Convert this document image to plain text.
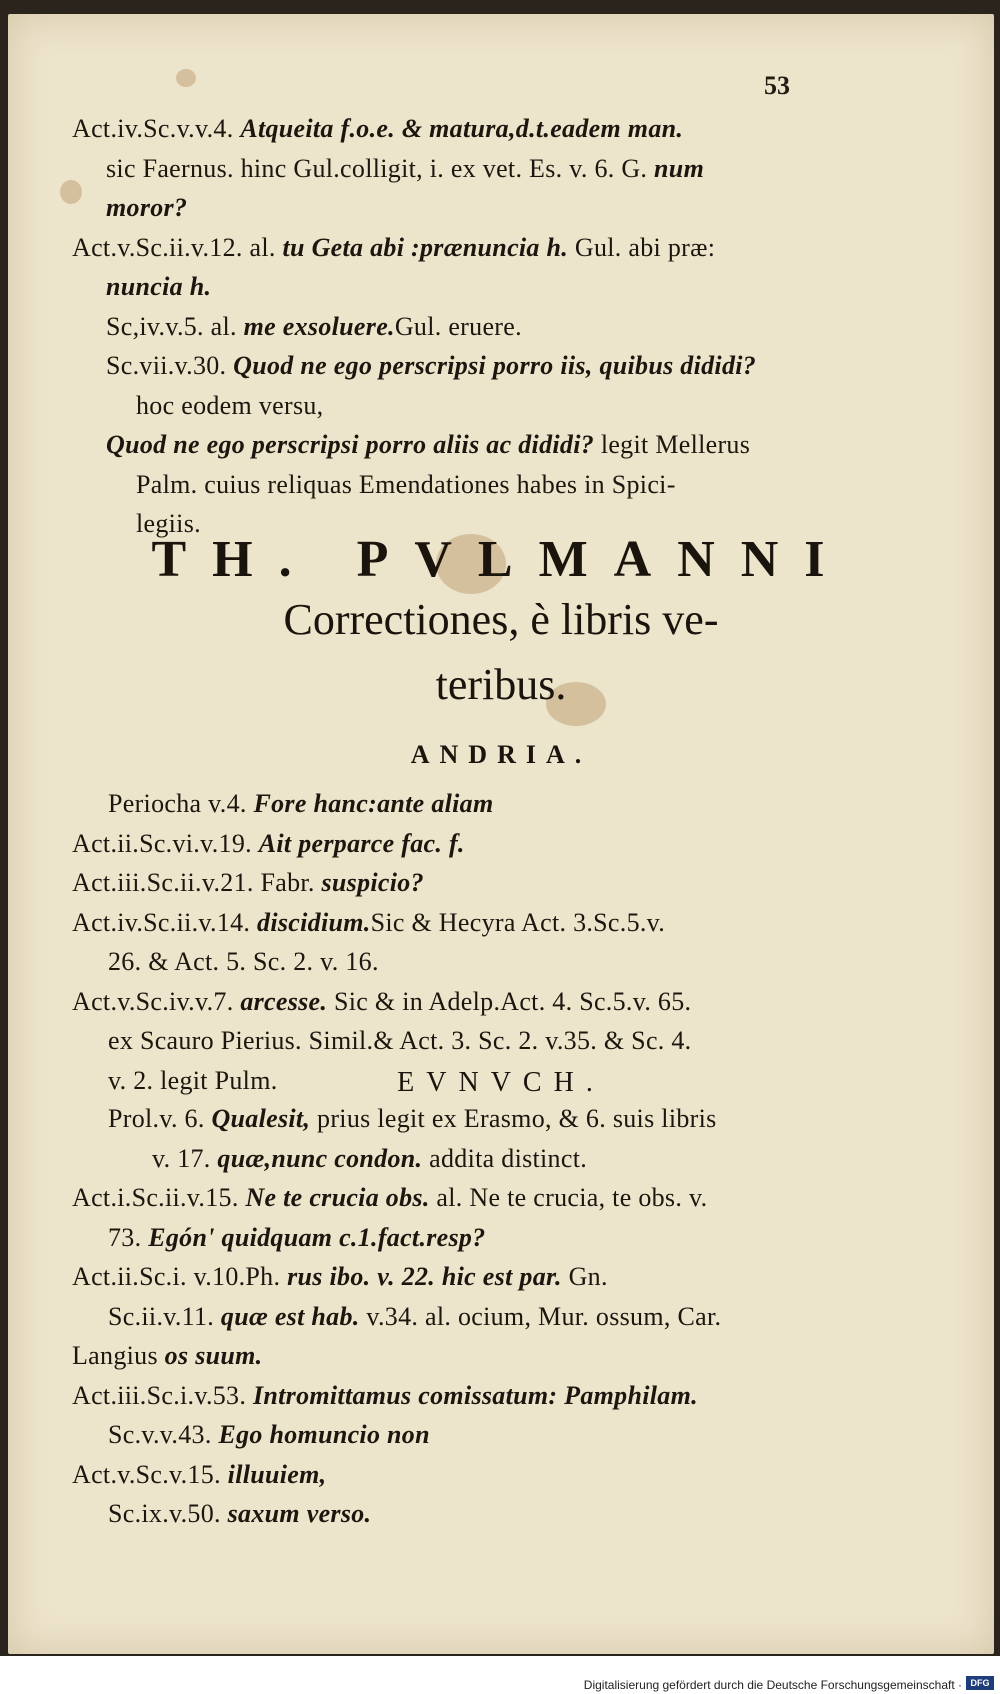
53
Act.iv.Sc.v.v.4. Atqueita f.o.e. & matura,d.t.eadem man.
sic Faernus. hinc Gul.colligit, i. ex vet. Es. v. 6. G. num
moror?
Act.v.Sc.ii.v.12. al. tu Geta abi :prænuncia h. Gul. abi præ:
nuncia h.
Sc,iv.v.5. al. me exsoluere.Gul. eruere.
Sc.vii.v.30. Quod ne ego perscripsi porro iis, quibus dididi?
hoc eodem versu,
Quod ne ego perscripsi porro aliis ac dididi? legit Mellerus
Palm. cuius reliquas Emendationes habes in Spici-
legiis.
TH. PVLMANNI
Correctiones, è libris ve-
teribus.
ANDRIA.
Periocha v.4. Fore hanc:ante aliam
Act.ii.Sc.vi.v.19. Ait perparce fac. f.
Act.iii.Sc.ii.v.21. Fabr. suspicio?
Act.iv.Sc.ii.v.14. discidium.Sic & Hecyra Act. 3.Sc.5.v.
26. & Act. 5. Sc. 2. v. 16.
Act.v.Sc.iv.v.7. arcesse. Sic & in Adelp.Act. 4. Sc.5.v. 65.
ex Scauro Pierius. Simil.& Act. 3. Sc. 2. v.35. & Sc. 4.
v. 2. legit Pulm.	EVNVCH.
Prol.v. 6. Qualesit, prius legit ex Erasmo, & 6. suis libris
v. 17. quæ,nunc condon. addita distinct.
Act.i.Sc.ii.v.15. Ne te crucia obs. al. Ne te crucia, te obs. v.
73. Egón' quidquam c.1.fact.resp?
Act.ii.Sc.i. v.10.Ph. rus ibo. v. 22. hic est par. Gn.
Sc.ii.v.11. quæ est hab. v.34. al. ocium, Mur. ossum, Car.
Langius os suum.
Act.iii.Sc.i.v.53. Intromittamus comissatum: Pamphilam.
Sc.v.v.43. Ego homuncio non
Act.v.Sc.v.15. illuuiem,
Sc.ix.v.50. saxum verso.
Digitalisierung gefördert durch die Deutsche Forschungsgemeinschaft · DFG
